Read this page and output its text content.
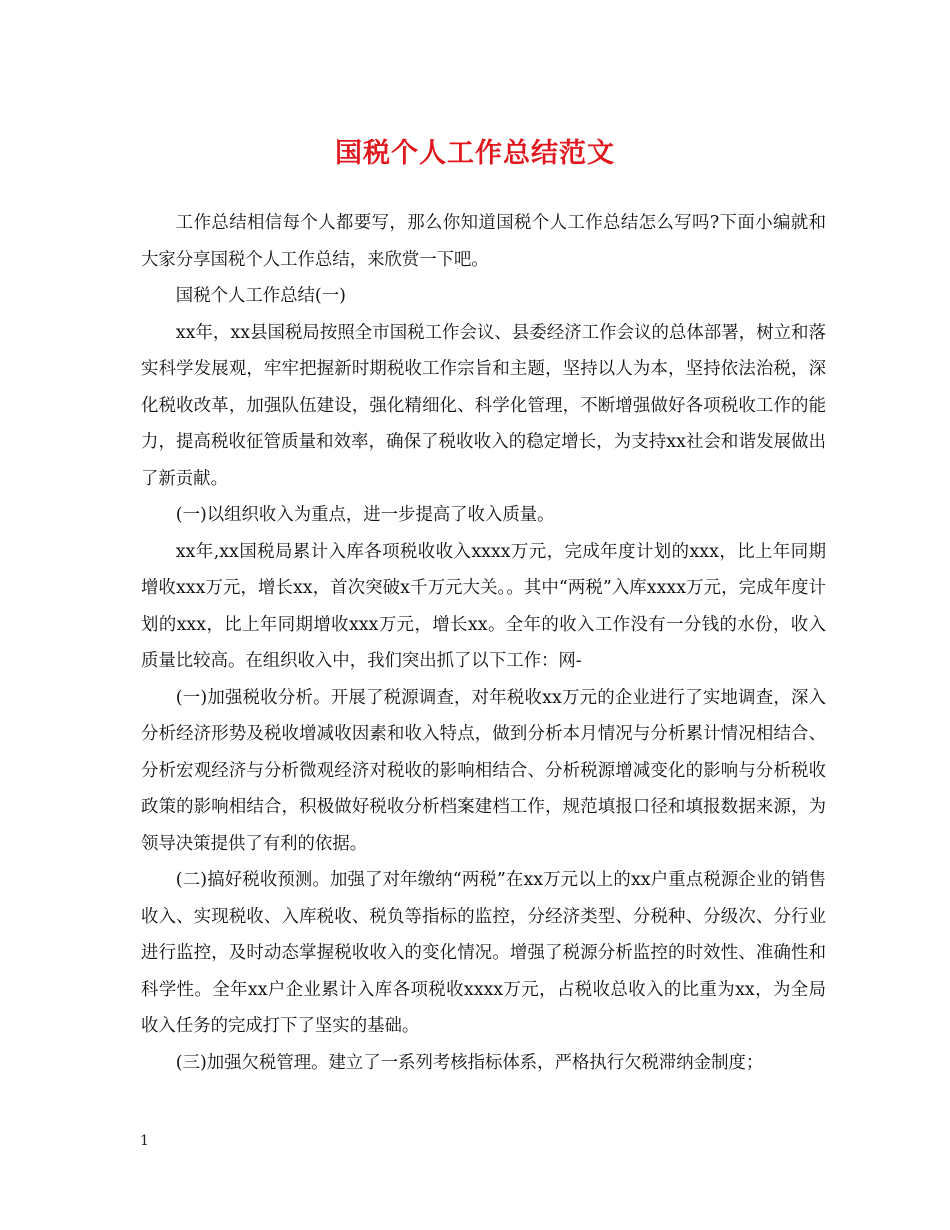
国税个人工作总结范文

工作总结相信每个人都要写，那么你知道国税个人工作总结怎么写吗?下面小编就和大家分享国税个人工作总结，来欣赏一下吧。

国税个人工作总结(一)

xx年，xx县国税局按照全市国税工作会议、县委经济工作会议的总体部署，树立和落实科学发展观，牢牢把握新时期税收工作宗旨和主题，坚持以人为本，坚持依法治税，深化税收改革，加强队伍建设，强化精细化、科学化管理，不断增强做好各项税收工作的能力，提高税收征管质量和效率，确保了税收收入的稳定增长，为支持xx社会和谐发展做出了新贡献。

(一)以组织收入为重点，进一步提高了收入质量。

xx年,xx国税局累计入库各项税收收入xxxx万元，完成年度计划的xxx，比上年同期增收xxx万元，增长xx，首次突破x千万元大关。。其中“两税”入库xxxx万元，完成年度计划的xxx，比上年同期增收xxx万元，增长xx。全年的收入工作没有一分钱的水份，收入质量比较高。在组织收入中，我们突出抓了以下工作：网-

(一)加强税收分析。开展了税源调查，对年税收xx万元的企业进行了实地调查，深入分析经济形势及税收增减收因素和收入特点，做到分析本月情况与分析累计情况相结合、分析宏观经济与分析微观经济对税收的影响相结合、分析税源增减变化的影响与分析税收政策的影响相结合，积极做好税收分析档案建档工作，规范填报口径和填报数据来源，为领导决策提供了有利的依据。

(二)搞好税收预测。加强了对年缴纳“两税”在xx万元以上的xx户重点税源企业的销售收入、实现税收、入库税收、税负等指标的监控，分经济类型、分税种、分级次、分行业进行监控，及时动态掌握税收收入的变化情况。增强了税源分析监控的时效性、准确性和科学性。全年xx户企业累计入库各项税收xxxx万元，占税收总收入的比重为xx，为全局收入任务的完成打下了坚实的基础。

(三)加强欠税管理。建立了一系列考核指标体系，严格执行欠税滞纳金制度；

1
